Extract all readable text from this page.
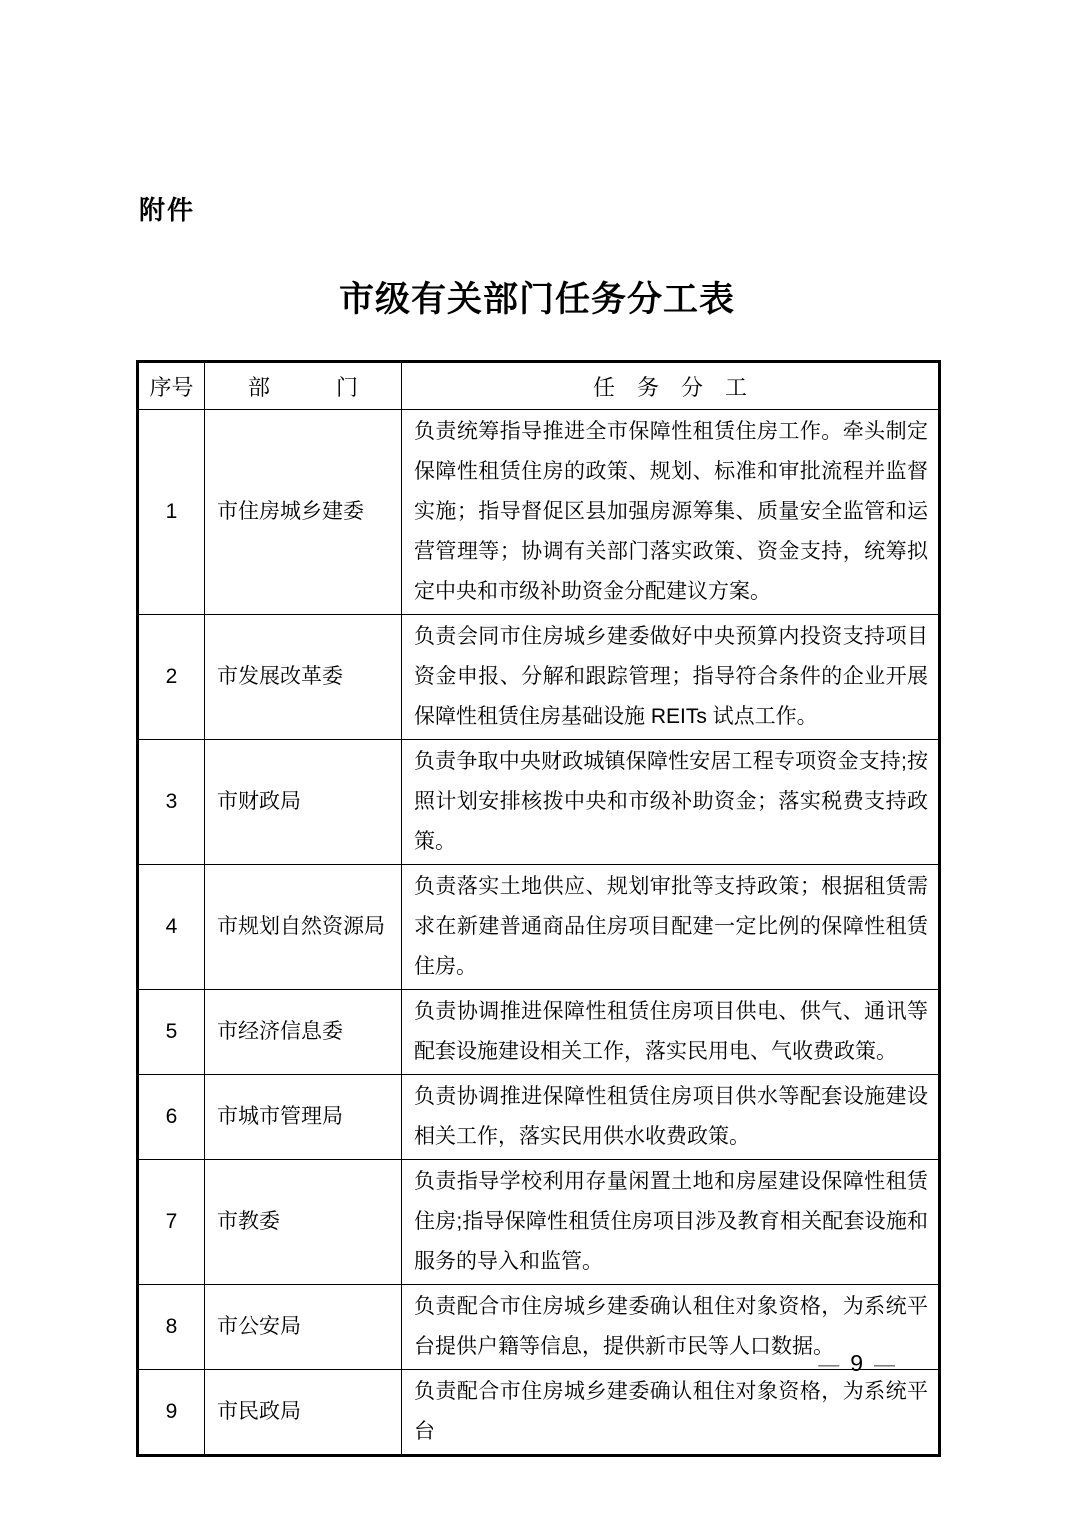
附件
市级有关部门任务分工表
序号	部　　　门	任　务　分　工
1	市住房城乡建委	负责统筹指导推进全市保障性租赁住房工作。牵头制定保障性租赁住房的政策、规划、标准和审批流程并监督实施；指导督促区县加强房源筹集、质量安全监管和运营管理等；协调有关部门落实政策、资金支持，统筹拟定中央和市级补助资金分配建议方案。
2	市发展改革委	负责会同市住房城乡建委做好中央预算内投资支持项目资金申报、分解和跟踪管理；指导符合条件的企业开展保障性租赁住房基础设施 REITs 试点工作。
3	市财政局	负责争取中央财政城镇保障性安居工程专项资金支持;按照计划安排核拨中央和市级补助资金；落实税费支持政策。
4	市规划自然资源局	负责落实土地供应、规划审批等支持政策；根据租赁需求在新建普通商品住房项目配建一定比例的保障性租赁住房。
5	市经济信息委	负责协调推进保障性租赁住房项目供电、供气、通讯等配套设施建设相关工作，落实民用电、气收费政策。
6	市城市管理局	负责协调推进保障性租赁住房项目供水等配套设施建设相关工作，落实民用供水收费政策。
7	市教委	负责指导学校利用存量闲置土地和房屋建设保障性租赁住房;指导保障性租赁住房项目涉及教育相关配套设施和服务的导入和监管。
8	市公安局	负责配合市住房城乡建委确认租住对象资格，为系统平台提供户籍等信息，提供新市民等人口数据。
9	市民政局	负责配合市住房城乡建委确认租住对象资格，为系统平台
— 9 —
